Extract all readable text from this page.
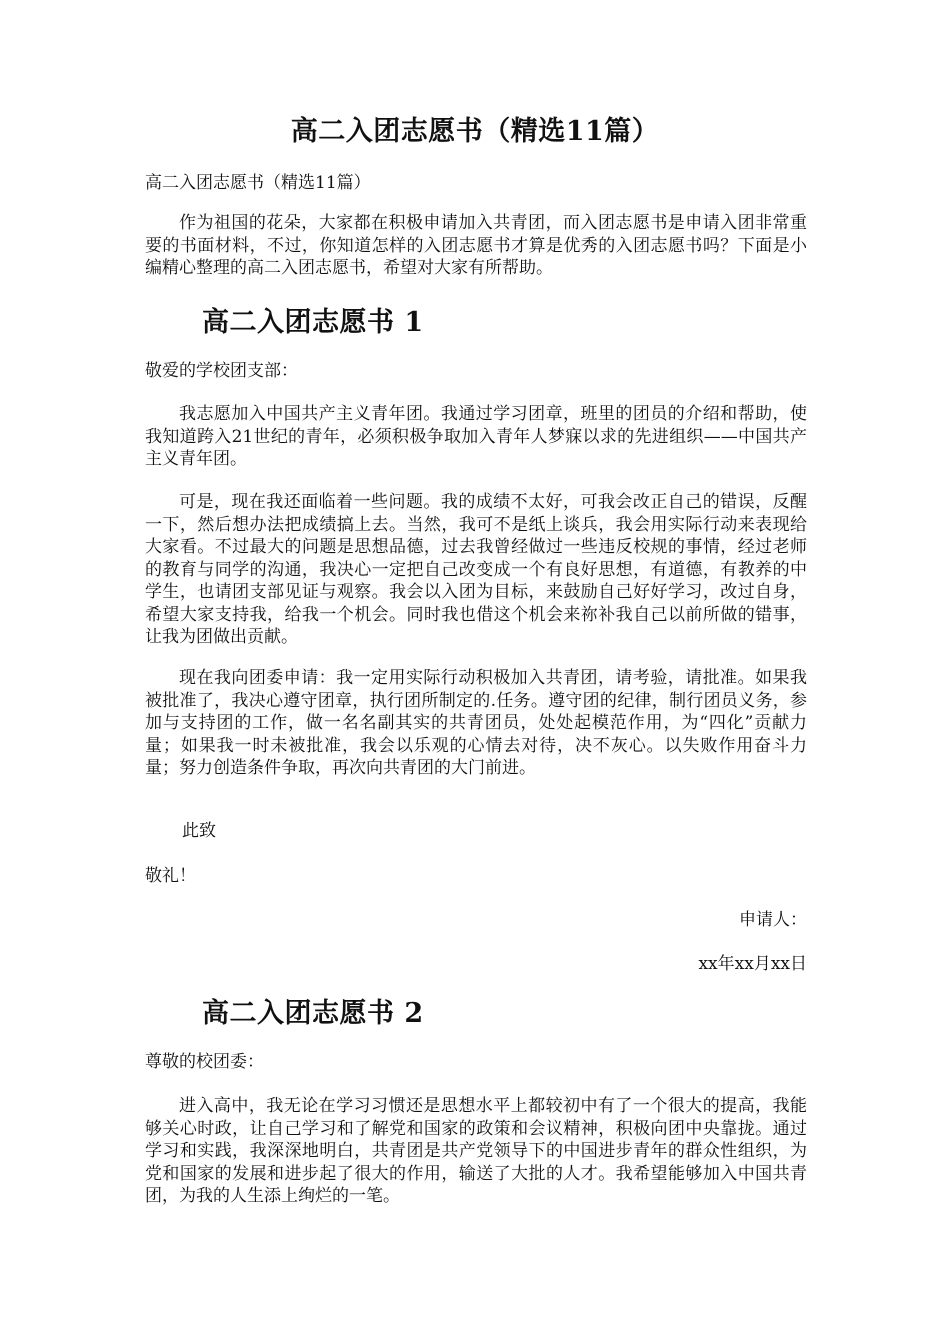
高二入团志愿书（精选11篇）
高二入团志愿书（精选11篇）

作为祖国的花朵，大家都在积极申请加入共青团，而入团志愿书是申请入团非常重要的书面材料，不过，你知道怎样的入团志愿书才算是优秀的入团志愿书吗？下面是小编精心整理的高二入团志愿书，希望对大家有所帮助。

高二入团志愿书 1
敬爱的学校团支部：

我志愿加入中国共产主义青年团。我通过学习团章，班里的团员的介绍和帮助，使我知道跨入21世纪的青年，必须积极争取加入青年人梦寐以求的先进组织——中国共产主义青年团。

可是，现在我还面临着一些问题。我的成绩不太好，可我会改正自己的错误，反醒一下，然后想办法把成绩搞上去。当然，我可不是纸上谈兵，我会用实际行动来表现给大家看。不过最大的问题是思想品德，过去我曾经做过一些违反校规的事情，经过老师的教育与同学的沟通，我决心一定把自己改变成一个有良好思想，有道德，有教养的中学生，也请团支部见证与观察。我会以入团为目标，来鼓励自己好好学习，改过自身，希望大家支持我，给我一个机会。同时我也借这个机会来祢补我自己以前所做的错事，让我为团做出贡献。

现在我向团委申请：我一定用实际行动积极加入共青团，请考验，请批准。如果我被批准了，我决心遵守团章，执行团所制定的.任务。遵守团的纪律，制行团员义务，参加与支持团的工作，做一名名副其实的共青团员，处处起模范作用，为“四化”贡献力量；如果我一时未被批准，我会以乐观的心情去对待，决不灰心。以失败作用奋斗力量；努力创造条件争取，再次向共青团的大门前进。

此致
敬礼！
申请人：
xx年xx月xx日
高二入团志愿书 2
尊敬的校团委：

进入高中，我无论在学习习惯还是思想水平上都较初中有了一个很大的提高，我能够关心时政，让自己学习和了解党和国家的政策和会议精神，积极向团中央靠拢。通过学习和实践，我深深地明白，共青团是共产党领导下的中国进步青年的群众性组织，为党和国家的发展和进步起了很大的作用，输送了大批的人才。我希望能够加入中国共青团，为我的人生添上绚烂的一笔。
